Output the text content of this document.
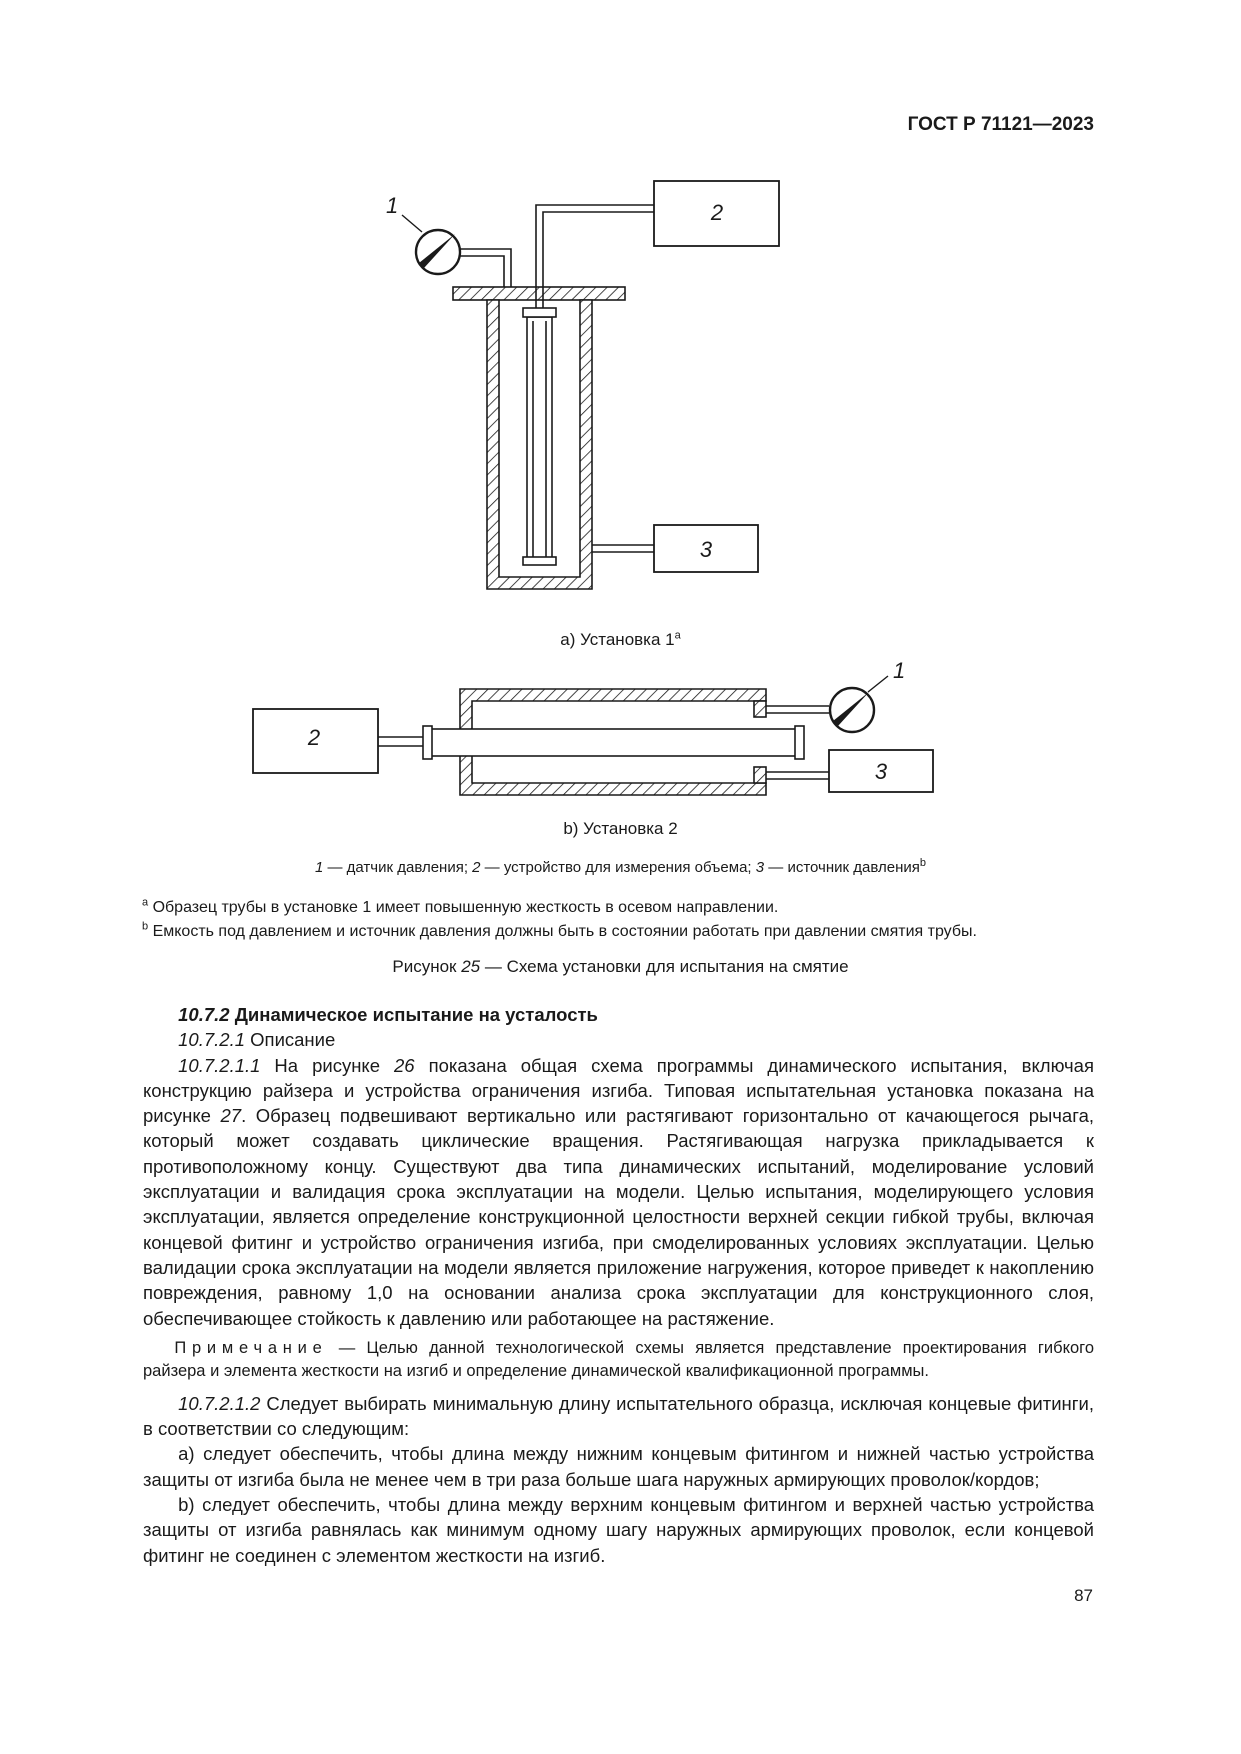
ГОСТ Р 71121—2023
1	2
3
2
1
3
а) Установка 1$^a$
b) Установка 2
1 — датчик давления; 2 — устройство для измерения объема; 3 — источник давления$^b$
$^a$ Образец трубы в установке 1 имеет повышенную жесткость в осевом направлении.
$^b$ Емкость под давлением и источник давления должны быть в состоянии работать при давлении смятия трубы.
Рисунок 25 — Схема установки для испытания на смятие

10.7.2 Динамическое испытание на усталость

10.7.2.1 Описание

10.7.2.1.1 На рисунке 26 показана общая схема программы динамического испытания, включая конструкцию райзера и устройства ограничения изгиба. Типовая испытательная установка показана на рисунке 27. Образец подвешивают вертикально или растягивают горизонтально от качающегося рычага, который может создавать циклические вращения. Растягивающая нагрузка прикладывается к противоположному концу. Существуют два типа динамических испытаний, моделирование условий эксплуатации и валидация срока эксплуатации на модели. Целью испытания, моделирующего условия эксплуатации, является определение конструкционной целостности верхней секции гибкой трубы, включая концевой фитинг и устройство ограничения изгиба, при смоделированных условиях эксплуатации. Целью валидации срока эксплуатации на модели является приложение нагружения, которое приведет к накоплению повреждения, равному 1,0 на основании анализа срока эксплуатации для конструкционного слоя, обеспечивающее стойкость к давлению или работающее на растяжение.

Примечание — Целью данной технологической схемы является представление проектирования гибкого райзера и элемента жесткости на изгиб и определение динамической квалификационной программы.

10.7.2.1.2 Следует выбирать минимальную длину испытательного образца, исключая концевые фитинги, в соответствии со следующим:

а) следует обеспечить, чтобы длина между нижним концевым фитингом и нижней частью устройства защиты от изгиба была не менее чем в три раза больше шага наружных армирующих проволок/кордов;

b) следует обеспечить, чтобы длина между верхним концевым фитингом и верхней частью устройства защиты от изгиба равнялась как минимум одному шагу наружных армирующих проволок, если концевой фитинг не соединен с элементом жесткости на изгиб.

87
